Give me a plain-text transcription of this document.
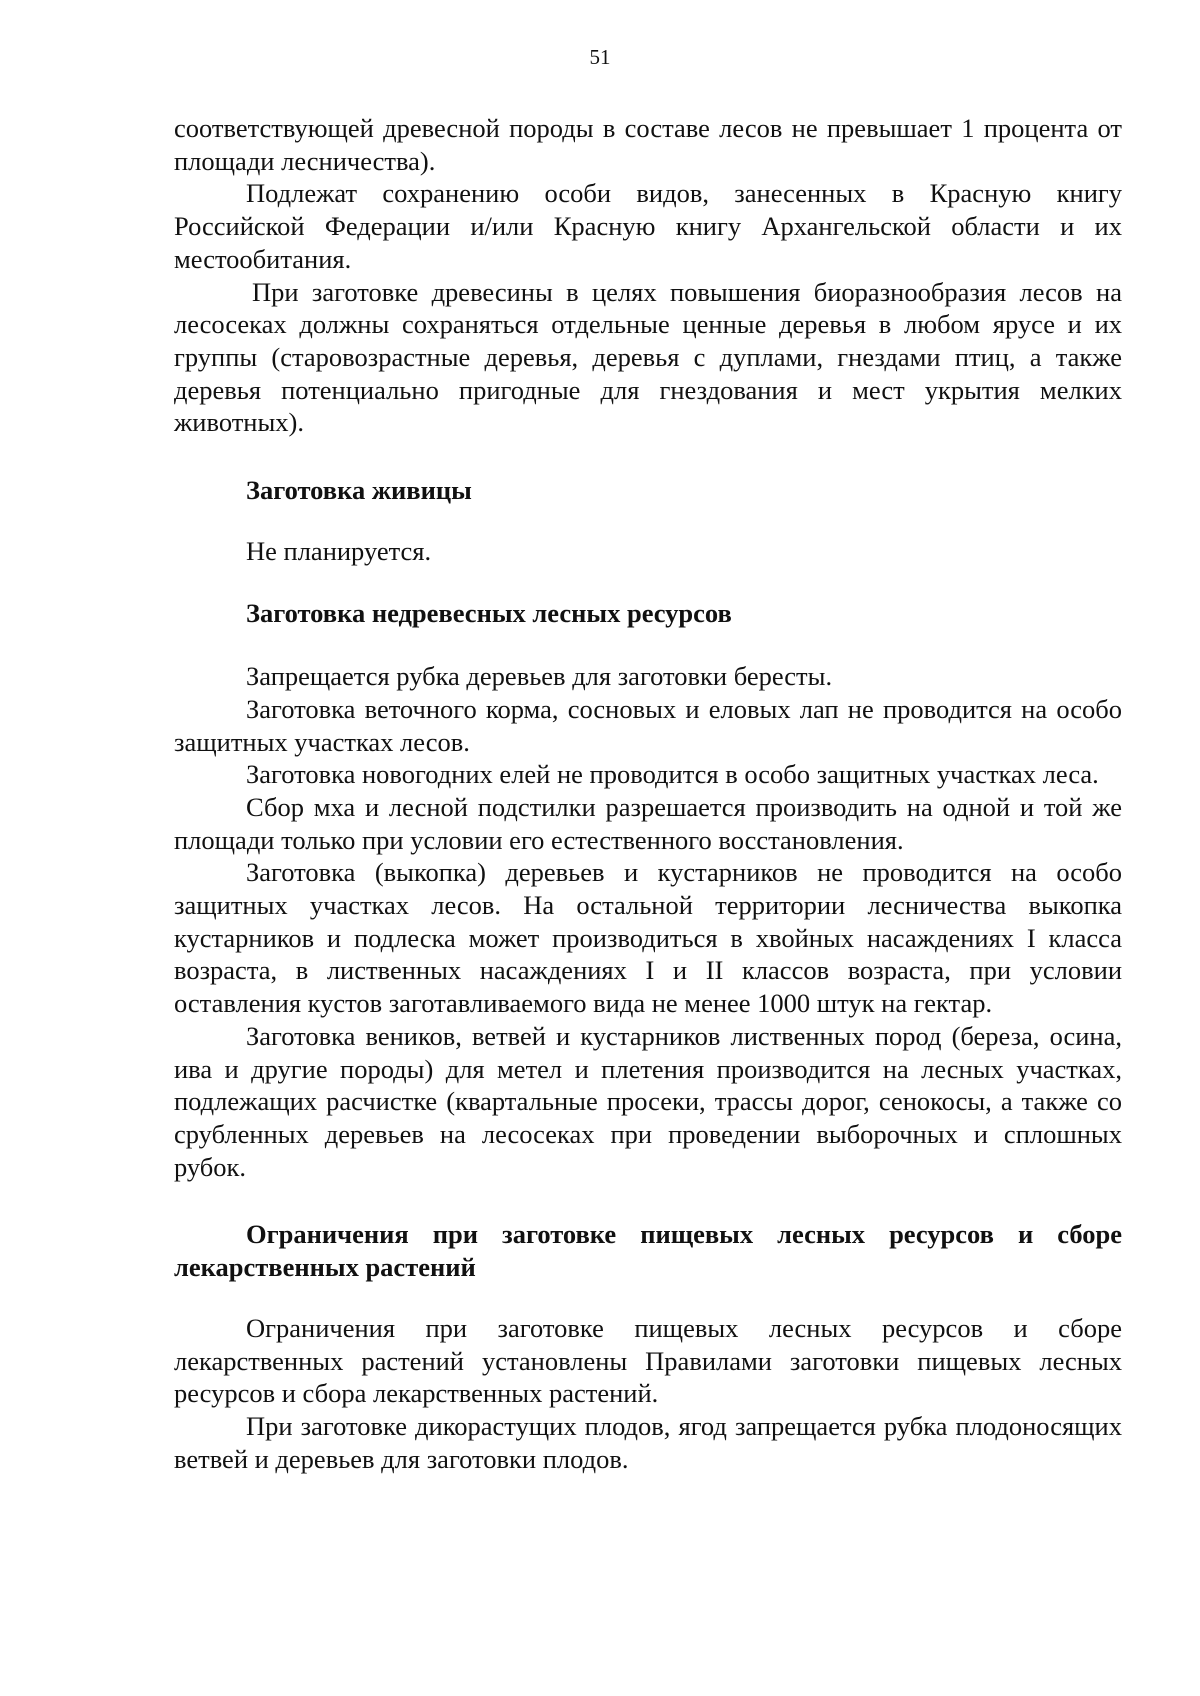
51

соответствующей древесной породы в составе лесов не превышает 1 процента от площади лесничества).

Подлежат сохранению особи видов, занесенных в Красную книгу Российской Федерации и/или Красную книгу Архангельской области и их местообитания.

При заготовке древесины в целях повышения биоразнообразия лесов на лесосеках должны сохраняться отдельные ценные деревья в любом ярусе и их группы (старовозрастные деревья, деревья с дуплами, гнездами птиц, а также деревья потенциально пригодные для гнездования и мест укрытия мелких животных).

Заготовка живицы

Не планируется.

Заготовка недревесных лесных ресурсов

Запрещается рубка деревьев для заготовки бересты.

Заготовка веточного корма, сосновых и еловых лап не проводится на особо защитных участках лесов.

Заготовка новогодних елей не проводится в особо защитных участках леса.

Сбор мха и лесной подстилки разрешается производить на одной и той же площади только при условии его естественного восстановления.

Заготовка (выкопка) деревьев и кустарников не проводится на особо защитных участках лесов. На остальной территории лесничества выкопка кустарников и подлеска может производиться в хвойных насаждениях I класса возраста, в лиственных насаждениях I и II классов возраста, при условии оставления кустов заготавливаемого вида не менее 1000 штук на гектар.

Заготовка веников, ветвей и кустарников лиственных пород (береза, осина, ива и другие породы) для метел и плетения производится на лесных участках, подлежащих расчистке (квартальные просеки, трассы дорог, сенокосы, а также со срубленных деревьев на лесосеках при проведении выборочных и сплошных рубок.

Ограничения при заготовке пищевых лесных ресурсов и сборе лекарственных растений

Ограничения при заготовке пищевых лесных ресурсов и сборе лекарственных растений установлены Правилами заготовки пищевых лесных ресурсов и сбора лекарственных растений.

При заготовке дикорастущих плодов, ягод запрещается рубка плодоносящих ветвей и деревьев для заготовки плодов.
